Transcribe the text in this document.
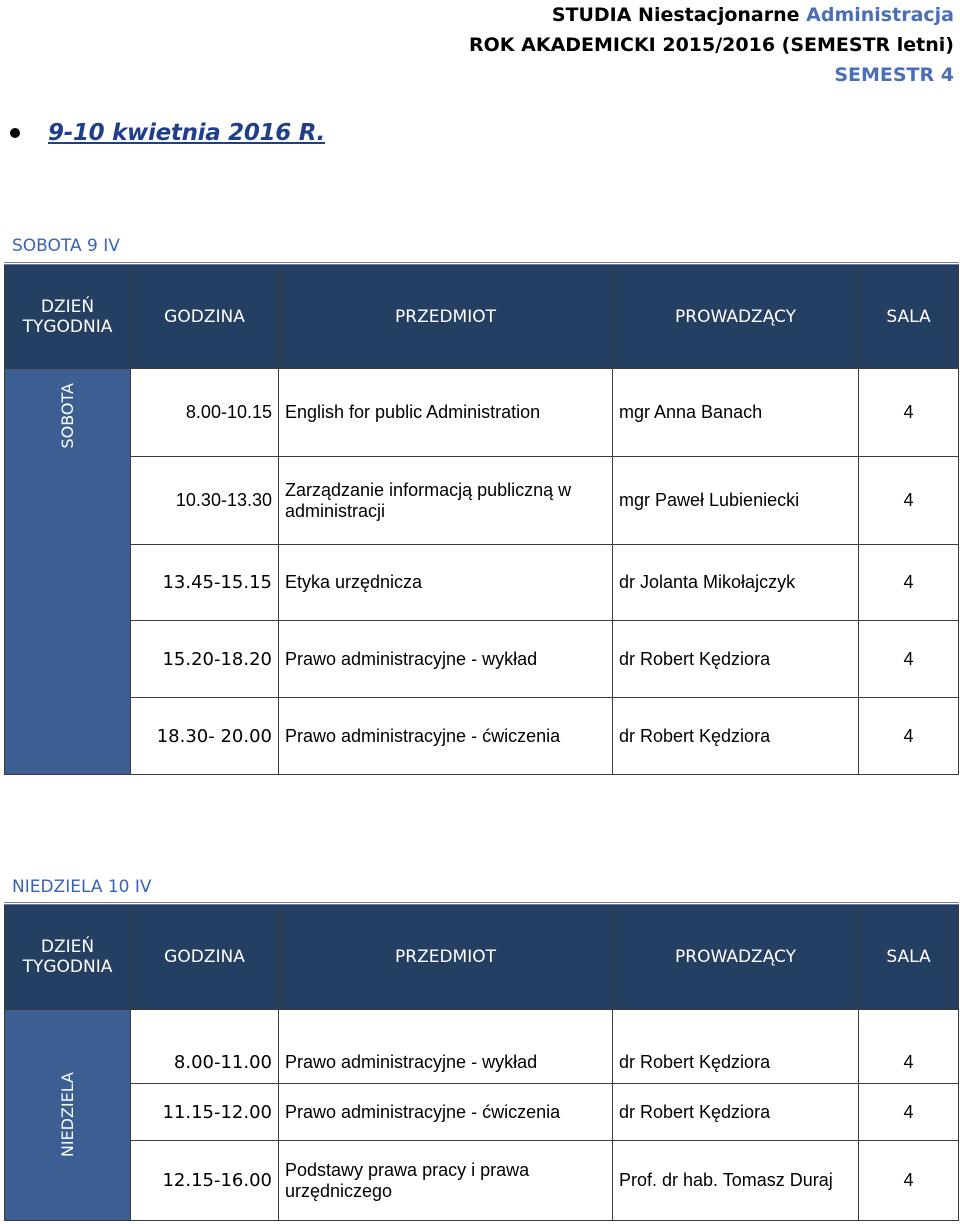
STUDIA Niestacjonarne Administracja
ROK AKADEMICKI 2015/2016 (SEMESTR letni)
SEMESTR 4
9-10 kwietnia 2016 R.
SOBOTA 9 IV
DZIEŃ
TYGODNIA	GODZINA	PRZEDMIOT	PROWADZĄCY	SALA

SOBOTA	8.00-10.15	English for public Administration	mgr Anna Banach	4
	10.30-13.30	Zarządzanie informacją publiczną w administracji	mgr Paweł Lubieniecki	4
	13.45-15.15	Etyka urzędnicza	dr Jolanta Mikołajczyk	4
	15.20-18.20	Prawo administracyjne - wykład	dr Robert Kędziora	4
	18.30- 20.00	Prawo administracyjne - ćwiczenia	dr Robert Kędziora	4
NIEDZIELA 10 IV
DZIEŃ
TYGODNIA	GODZINA	PRZEDMIOT	PROWADZĄCY	SALA

NIEDZIELA	8.00-11.00	Prawo administracyjne - wykład	dr Robert Kędziora	4
	11.15-12.00	Prawo administracyjne - ćwiczenia	dr Robert Kędziora	4
	12.15-16.00	Podstawy prawa pracy i prawa urzędniczego	Prof. dr hab. Tomasz Duraj	4
